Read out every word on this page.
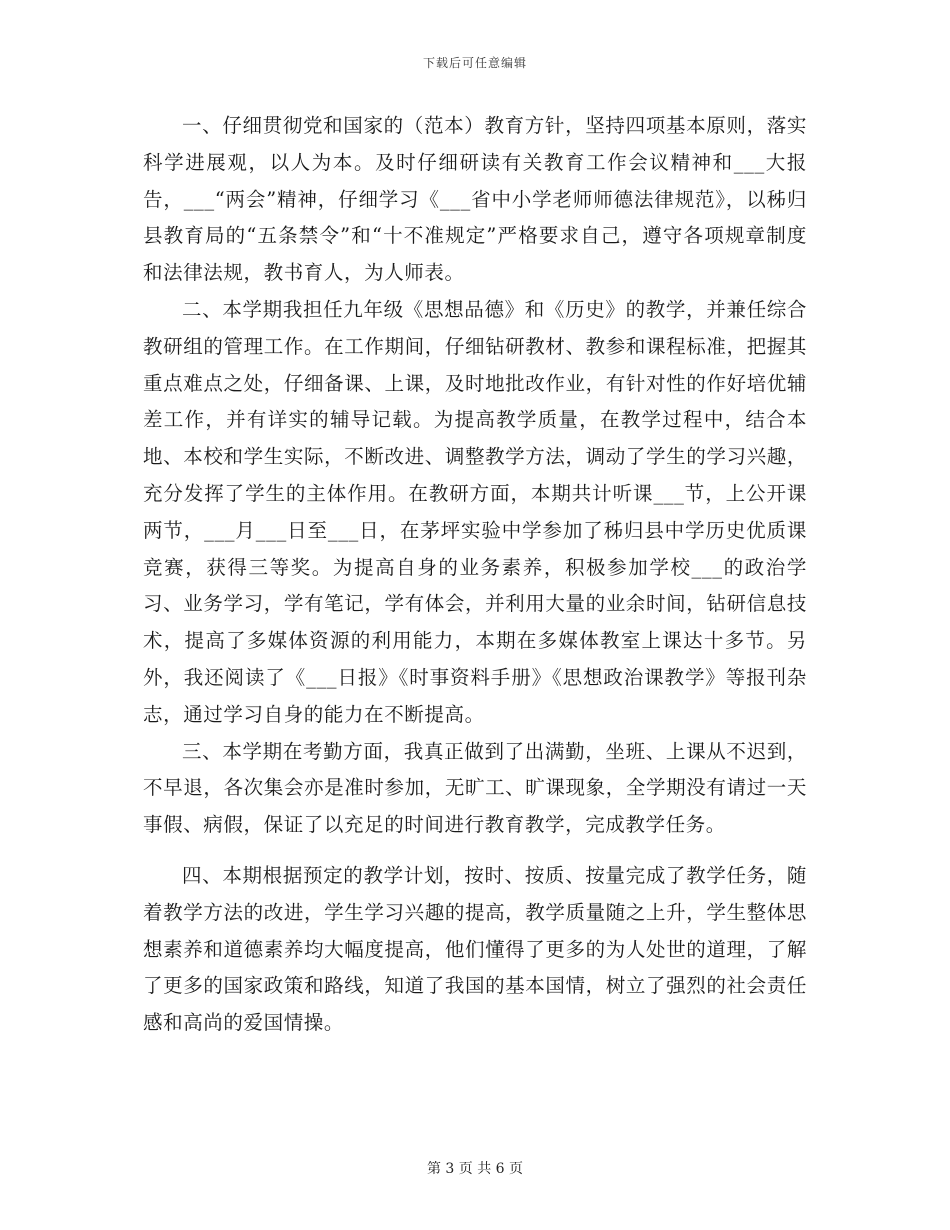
下载后可任意编辑

一、仔细贯彻党和国家的（范本）教育方针，坚持四项基本原则，落实科学进展观，以人为本。及时仔细研读有关教育工作会议精神和___大报告，___“两会”精神，仔细学习《___省中小学老师师德法律规范》，以秭归县教育局的“五条禁令”和“十不准规定”严格要求自己，遵守各项规章制度和法律法规，教书育人，为人师表。

二、本学期我担任九年级《思想品德》和《历史》的教学，并兼任综合教研组的管理工作。在工作期间，仔细钻研教材、教参和课程标准，把握其重点难点之处，仔细备课、上课，及时地批改作业，有针对性的作好培优辅差工作，并有详实的辅导记载。为提高教学质量，在教学过程中，结合本地、本校和学生实际，不断改进、调整教学方法，调动了学生的学习兴趣，充分发挥了学生的主体作用。在教研方面，本期共计听课___节，上公开课两节，___月___日至___日，在茅坪实验中学参加了秭归县中学历史优质课竞赛，获得三等奖。为提高自身的业务素养，积极参加学校___的政治学习、业务学习，学有笔记，学有体会，并利用大量的业余时间，钻研信息技术，提高了多媒体资源的利用能力，本期在多媒体教室上课达十多节。另外，我还阅读了《___日报》《时事资料手册》《思想政治课教学》等报刊杂志，通过学习自身的能力在不断提高。

三、本学期在考勤方面，我真正做到了出满勤，坐班、上课从不迟到，不早退，各次集会亦是准时参加，无旷工、旷课现象，全学期没有请过一天事假、病假，保证了以充足的时间进行教育教学，完成教学任务。

四、本期根据预定的教学计划，按时、按质、按量完成了教学任务，随着教学方法的改进，学生学习兴趣的提高，教学质量随之上升，学生整体思想素养和道德素养均大幅度提高，他们懂得了更多的为人处世的道理，了解了更多的国家政策和路线，知道了我国的基本国情，树立了强烈的社会责任感和高尚的爱国情操。

第 3 页 共 6 页
